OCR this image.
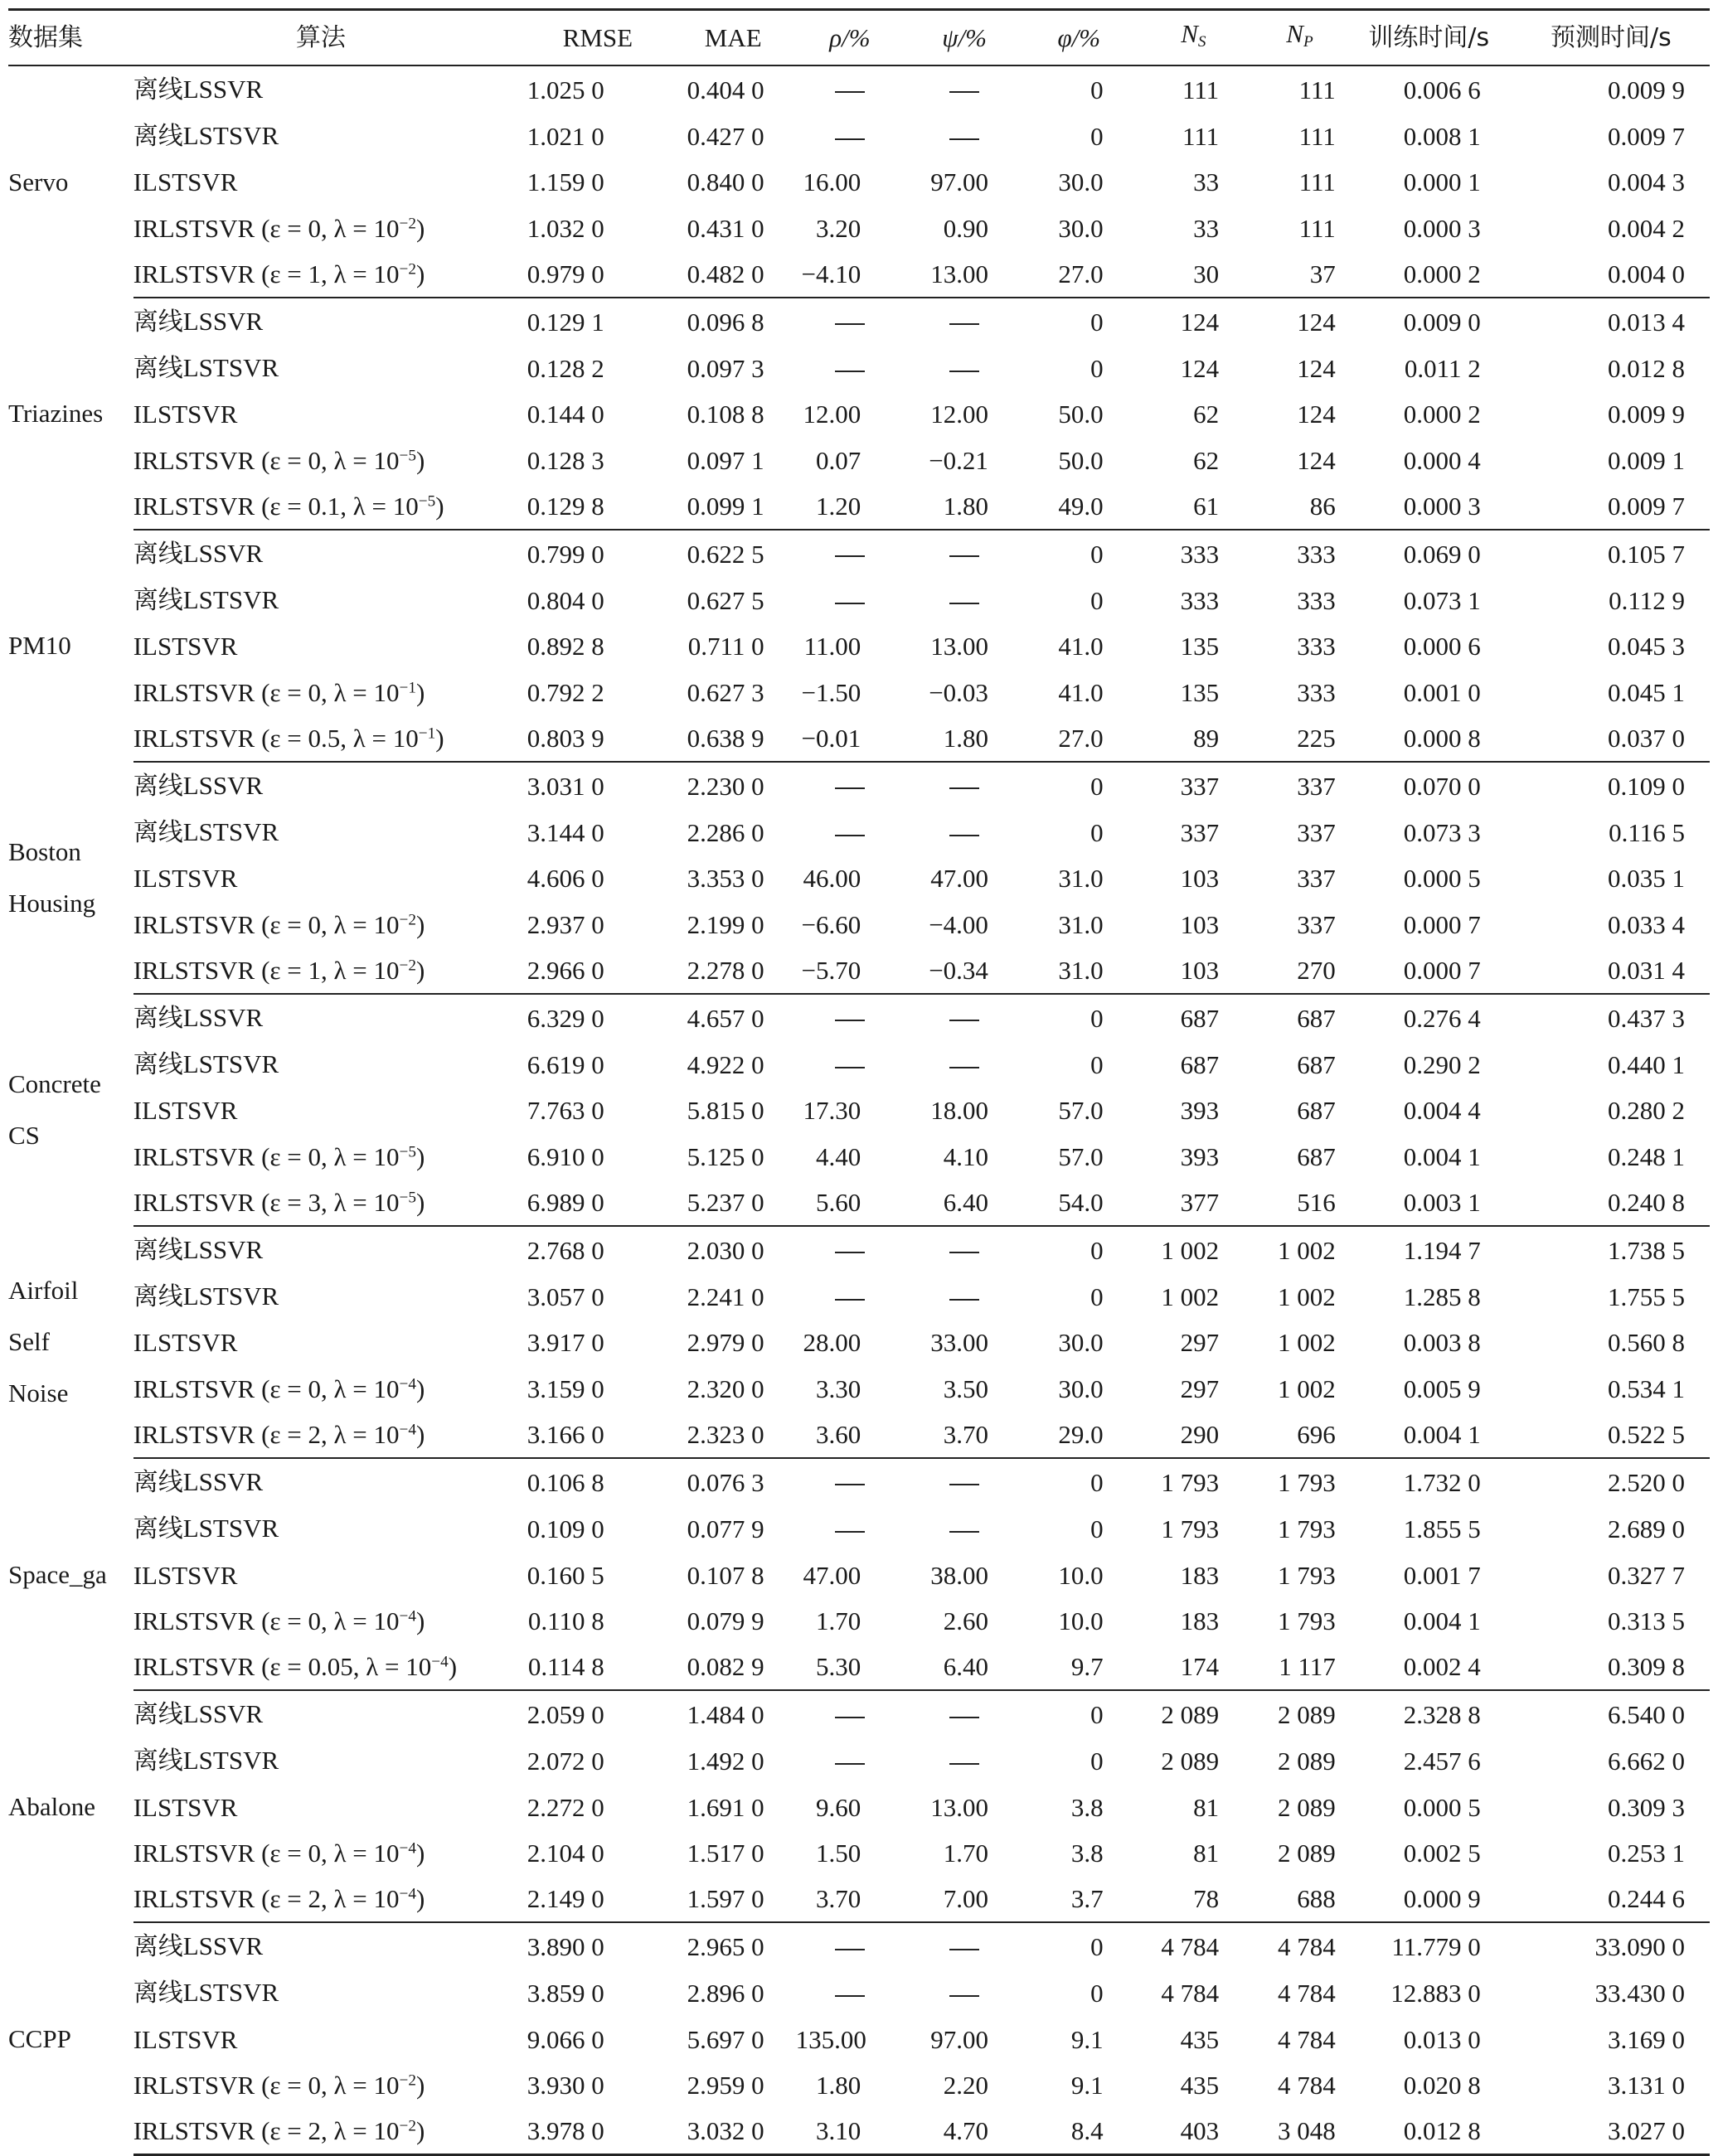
数据集	算法	RMSE	MAE	ρ/%	ψ/%	φ/%	$N_S$	$N_P$	训练时间/s	预测时间/s

Servo	离线LSSVR	1.025 0	0.404 0			0	111	111	0.006 6	0.009 9
	离线LSTSVR	1.021 0	0.427 0			0	111	111	0.008 1	0.009 7
	ILSTSVR	1.159 0	0.840 0	16.00	97.00	30.0	33	111	0.000 1	0.004 3
	IRLSTSVR (ε = 0, $\lambda = 10^{-2}$)	1.032 0	0.431 0	3.20	0.90	30.0	33	111	0.000 3	0.004 2
	IRLSTSVR (ε = 1, $\lambda = 10^{-2}$)	0.979 0	0.482 0	−4.10	13.00	27.0	30	37	0.000 2	0.004 0

Triazines	离线LSSVR	0.129 1	0.096 8			0	124	124	0.009 0	0.013 4
	离线LSTSVR	0.128 2	0.097 3			0	124	124	0.011 2	0.012 8
	ILSTSVR	0.144 0	0.108 8	12.00	12.00	50.0	62	124	0.000 2	0.009 9
	IRLSTSVR (ε = 0, $\lambda = 10^{-5}$)	0.128 3	0.097 1	0.07	−0.21	50.0	62	124	0.000 4	0.009 1
	IRLSTSVR (ε = 0.1, $\lambda = 10^{-5}$)	0.129 8	0.099 1	1.20	1.80	49.0	61	86	0.000 3	0.009 7

PM10	离线LSSVR	0.799 0	0.622 5			0	333	333	0.069 0	0.105 7
	离线LSTSVR	0.804 0	0.627 5			0	333	333	0.073 1	0.112 9
	ILSTSVR	0.892 8	0.711 0	11.00	13.00	41.0	135	333	0.000 6	0.045 3
	IRLSTSVR (ε = 0, $\lambda = 10^{-1}$)	0.792 2	0.627 3	−1.50	−0.03	41.0	135	333	0.001 0	0.045 1
	IRLSTSVR (ε = 0.5, $\lambda = 10^{-1}$)	0.803 9	0.638 9	−0.01	1.80	27.0	89	225	0.000 8	0.037 0

Boston
Housing	离线LSSVR	3.031 0	2.230 0			0	337	337	0.070 0	0.109 0
	离线LSTSVR	3.144 0	2.286 0			0	337	337	0.073 3	0.116 5
	ILSTSVR	4.606 0	3.353 0	46.00	47.00	31.0	103	337	0.000 5	0.035 1
	IRLSTSVR (ε = 0, $\lambda = 10^{-2}$)	2.937 0	2.199 0	−6.60	−4.00	31.0	103	337	0.000 7	0.033 4
	IRLSTSVR (ε = 1, $\lambda = 10^{-2}$)	2.966 0	2.278 0	−5.70	−0.34	31.0	103	270	0.000 7	0.031 4

Concrete
CS	离线LSSVR	6.329 0	4.657 0			0	687	687	0.276 4	0.437 3
	离线LSTSVR	6.619 0	4.922 0			0	687	687	0.290 2	0.440 1
	ILSTSVR	7.763 0	5.815 0	17.30	18.00	57.0	393	687	0.004 4	0.280 2
	IRLSTSVR (ε = 0, $\lambda = 10^{-5}$)	6.910 0	5.125 0	4.40	4.10	57.0	393	687	0.004 1	0.248 1
	IRLSTSVR (ε = 3, $\lambda = 10^{-5}$)	6.989 0	5.237 0	5.60	6.40	54.0	377	516	0.003 1	0.240 8

Airfoil
Self
Noise	离线LSSVR	2.768 0	2.030 0			0	1 002	1 002	1.194 7	1.738 5
	离线LSTSVR	3.057 0	2.241 0			0	1 002	1 002	1.285 8	1.755 5
	ILSTSVR	3.917 0	2.979 0	28.00	33.00	30.0	297	1 002	0.003 8	0.560 8
	IRLSTSVR (ε = 0, $\lambda = 10^{-4}$)	3.159 0	2.320 0	3.30	3.50	30.0	297	1 002	0.005 9	0.534 1
	IRLSTSVR (ε = 2, $\lambda = 10^{-4}$)	3.166 0	2.323 0	3.60	3.70	29.0	290	696	0.004 1	0.522 5

Space_ga	离线LSSVR	0.106 8	0.076 3			0	1 793	1 793	1.732 0	2.520 0
	离线LSTSVR	0.109 0	0.077 9			0	1 793	1 793	1.855 5	2.689 0
	ILSTSVR	0.160 5	0.107 8	47.00	38.00	10.0	183	1 793	0.001 7	0.327 7
	IRLSTSVR (ε = 0, $\lambda = 10^{-4}$)	0.110 8	0.079 9	1.70	2.60	10.0	183	1 793	0.004 1	0.313 5
	IRLSTSVR (ε = 0.05, $\lambda = 10^{-4}$)	0.114 8	0.082 9	5.30	6.40	9.7	174	1 117	0.002 4	0.309 8

Abalone	离线LSSVR	2.059 0	1.484 0			0	2 089	2 089	2.328 8	6.540 0
	离线LSTSVR	2.072 0	1.492 0			0	2 089	2 089	2.457 6	6.662 0
	ILSTSVR	2.272 0	1.691 0	9.60	13.00	3.8	81	2 089	0.000 5	0.309 3
	IRLSTSVR (ε = 0, $\lambda = 10^{-4}$)	2.104 0	1.517 0	1.50	1.70	3.8	81	2 089	0.002 5	0.253 1
	IRLSTSVR (ε = 2, $\lambda = 10^{-4}$)	2.149 0	1.597 0	3.70	7.00	3.7	78	688	0.000 9	0.244 6

CCPP	离线LSSVR	3.890 0	2.965 0			0	4 784	4 784	11.779 0	33.090 0
	离线LSTSVR	3.859 0	2.896 0			0	4 784	4 784	12.883 0	33.430 0
	ILSTSVR	9.066 0	5.697 0	135.00	97.00	9.1	435	4 784	0.013 0	3.169 0
	IRLSTSVR (ε = 0, $\lambda = 10^{-2}$)	3.930 0	2.959 0	1.80	2.20	9.1	435	4 784	0.020 8	3.131 0
	IRLSTSVR (ε = 2, $\lambda = 10^{-2}$)	3.978 0	3.032 0	3.10	4.70	8.4	403	3 048	0.012 8	3.027 0
